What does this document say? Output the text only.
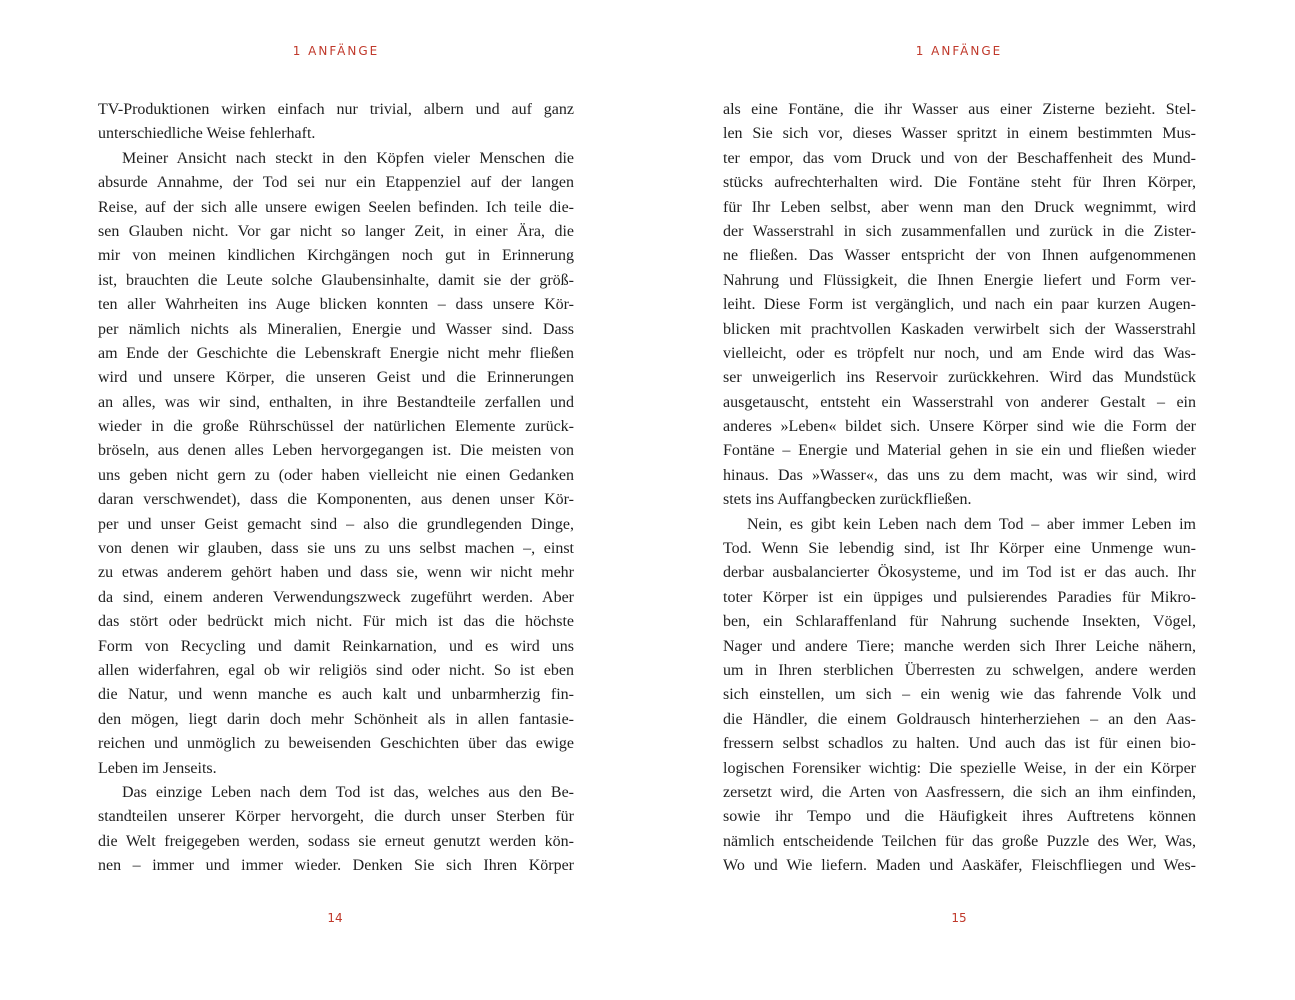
1 ANFÄNGE
TV-Produktionen wirken einfach nur trivial, albern und auf ganz
unterschiedliche Weise fehlerhaft.
Meiner Ansicht nach steckt in den Köpfen vieler Menschen die
absurde Annahme, der Tod sei nur ein Etappenziel auf der langen
Reise, auf der sich alle unsere ewigen Seelen befinden. Ich teile die-
sen Glauben nicht. Vor gar nicht so langer Zeit, in einer Ära, die
mir von meinen kindlichen Kirchgängen noch gut in Erinnerung
ist, brauchten die Leute solche Glaubensinhalte, damit sie der größ-
ten aller Wahrheiten ins Auge blicken konnten – dass unsere Kör-
per nämlich nichts als Mineralien, Energie und Wasser sind. Dass
am Ende der Geschichte die Lebenskraft Energie nicht mehr fließen
wird und unsere Körper, die unseren Geist und die Erinnerungen
an alles, was wir sind, enthalten, in ihre Bestandteile zerfallen und
wieder in die große Rührschüssel der natürlichen Elemente zurück-
bröseln, aus denen alles Leben hervorgegangen ist. Die meisten von
uns geben nicht gern zu (oder haben vielleicht nie einen Gedanken
daran verschwendet), dass die Komponenten, aus denen unser Kör-
per und unser Geist gemacht sind – also die grundlegenden Dinge,
von denen wir glauben, dass sie uns zu uns selbst machen –, einst
zu etwas anderem gehört haben und dass sie, wenn wir nicht mehr
da sind, einem anderen Verwendungszweck zugeführt werden. Aber
das stört oder bedrückt mich nicht. Für mich ist das die höchste
Form von Recycling und damit Reinkarnation, und es wird uns
allen widerfahren, egal ob wir religiös sind oder nicht. So ist eben
die Natur, und wenn manche es auch kalt und unbarmherzig fin-
den mögen, liegt darin doch mehr Schönheit als in allen fantasie-
reichen und unmöglich zu beweisenden Geschichten über das ewige
Leben im Jenseits.
Das einzige Leben nach dem Tod ist das, welches aus den Be-
standteilen unserer Körper hervorgeht, die durch unser Sterben für
die Welt freigegeben werden, sodass sie erneut genutzt werden kön-
nen – immer und immer wieder. Denken Sie sich Ihren Körper
14
1 ANFÄNGE
als eine Fontäne, die ihr Wasser aus einer Zisterne bezieht. Stel-
len Sie sich vor, dieses Wasser spritzt in einem bestimmten Mus-
ter empor, das vom Druck und von der Beschaffenheit des Mund-
stücks aufrechterhalten wird. Die Fontäne steht für Ihren Körper,
für Ihr Leben selbst, aber wenn man den Druck wegnimmt, wird
der Wasserstrahl in sich zusammenfallen und zurück in die Zister-
ne fließen. Das Wasser entspricht der von Ihnen aufgenommenen
Nahrung und Flüssigkeit, die Ihnen Energie liefert und Form ver-
leiht. Diese Form ist vergänglich, und nach ein paar kurzen Augen-
blicken mit prachtvollen Kaskaden verwirbelt sich der Wasserstrahl
vielleicht, oder es tröpfelt nur noch, und am Ende wird das Was-
ser unweigerlich ins Reservoir zurückkehren. Wird das Mundstück
ausgetauscht, entsteht ein Wasserstrahl von anderer Gestalt – ein
anderes »Leben« bildet sich. Unsere Körper sind wie die Form der
Fontäne – Energie und Material gehen in sie ein und fließen wieder
hinaus. Das »Wasser«, das uns zu dem macht, was wir sind, wird
stets ins Auffangbecken zurückfließen.
Nein, es gibt kein Leben nach dem Tod – aber immer Leben im
Tod. Wenn Sie lebendig sind, ist Ihr Körper eine Unmenge wun-
derbar ausbalancierter Ökosysteme, und im Tod ist er das auch. Ihr
toter Körper ist ein üppiges und pulsierendes Paradies für Mikro-
ben, ein Schlaraffenland für Nahrung suchende Insekten, Vögel,
Nager und andere Tiere; manche werden sich Ihrer Leiche nähern,
um in Ihren sterblichen Überresten zu schwelgen, andere werden
sich einstellen, um sich – ein wenig wie das fahrende Volk und
die Händler, die einem Goldrausch hinterherziehen – an den Aas-
fressern selbst schadlos zu halten. Und auch das ist für einen bio-
logischen Forensiker wichtig: Die spezielle Weise, in der ein Körper
zersetzt wird, die Arten von Aasfressern, die sich an ihm einfinden,
sowie ihr Tempo und die Häufigkeit ihres Auftretens können
nämlich entscheidende Teilchen für das große Puzzle des Wer, Was,
Wo und Wie liefern. Maden und Aaskäfer, Fleischfliegen und Wes-
15
